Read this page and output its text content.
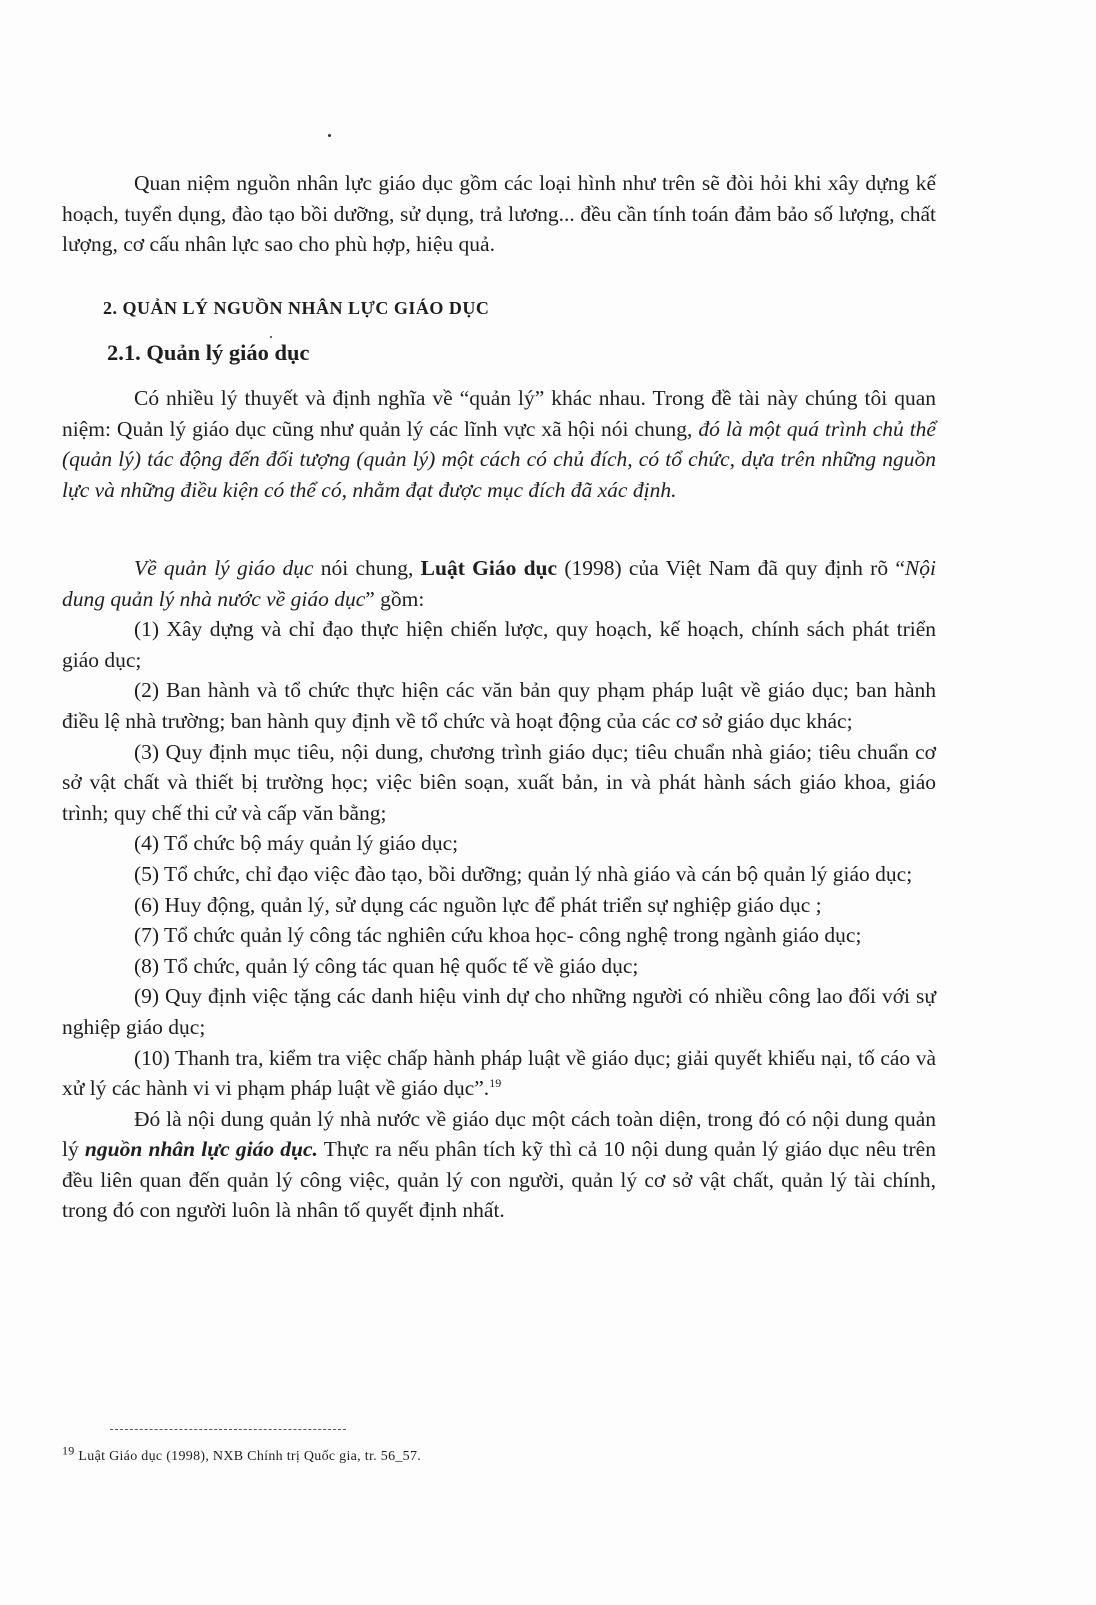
Quan niệm nguồn nhân lực giáo dục gồm các loại hình như trên sẽ đòi hỏi khi xây dựng kế hoạch, tuyển dụng, đào tạo bồi dưỡng, sử dụng, trả lương... đều cần tính toán đảm bảo số lượng, chất lượng, cơ cấu nhân lực sao cho phù hợp, hiệu quả.

2. QUẢN LÝ NGUỒN NHÂN LỰC GIÁO DỤC
2.1. Quản lý giáo dục

Có nhiều lý thuyết và định nghĩa về “quản lý” khác nhau. Trong đề tài này chúng tôi quan niệm: Quản lý giáo dục cũng như quản lý các lĩnh vực xã hội nói chung, đó là một quá trình chủ thể (quản lý) tác động đến đối tượng (quản lý) một cách có chủ đích, có tổ chức, dựa trên những nguồn lực và những điều kiện có thể có, nhằm đạt được mục đích đã xác định.

Về quản lý giáo dục nói chung, Luật Giáo dục (1998) của Việt Nam đã quy định rõ “Nội dung quản lý nhà nước về giáo dục” gồm:

(1) Xây dựng và chỉ đạo thực hiện chiến lược, quy hoạch, kế hoạch, chính sách phát triển giáo dục;

(2) Ban hành và tổ chức thực hiện các văn bản quy phạm pháp luật về giáo dục; ban hành điều lệ nhà trường; ban hành quy định về tổ chức và hoạt động của các cơ sở giáo dục khác;

(3) Quy định mục tiêu, nội dung, chương trình giáo dục; tiêu chuẩn nhà giáo; tiêu chuẩn cơ sở vật chất và thiết bị trường học; việc biên soạn, xuất bản, in và phát hành sách giáo khoa, giáo trình; quy chế thi cử và cấp văn bằng;

(4) Tổ chức bộ máy quản lý giáo dục;

(5) Tổ chức, chỉ đạo việc đào tạo, bồi dưỡng; quản lý nhà giáo và cán bộ quản lý giáo dục;

(6) Huy động, quản lý, sử dụng các nguồn lực để phát triển sự nghiệp giáo dục ;

(7) Tổ chức quản lý công tác nghiên cứu khoa học- công nghệ trong ngành giáo dục;

(8) Tổ chức, quản lý công tác quan hệ quốc tế về giáo dục;

(9) Quy định việc tặng các danh hiệu vinh dự cho những người có nhiều công lao đối với sự nghiệp giáo dục;

(10) Thanh tra, kiểm tra việc chấp hành pháp luật về giáo dục; giải quyết khiếu nại, tố cáo và xử lý các hành vi vi phạm pháp luật về giáo dục”.$^{19}$

Đó là nội dung quản lý nhà nước về giáo dục một cách toàn diện, trong đó có nội dung quản lý nguồn nhân lực giáo dục. Thực ra nếu phân tích kỹ thì cả 10 nội dung quản lý giáo dục nêu trên đều liên quan đến quản lý công việc, quản lý con người, quản lý cơ sở vật chất, quản lý tài chính, trong đó con người luôn là nhân tố quyết định nhất.

19 Luật Giáo dục (1998), NXB Chính trị Quốc gia, tr. 56_57.
